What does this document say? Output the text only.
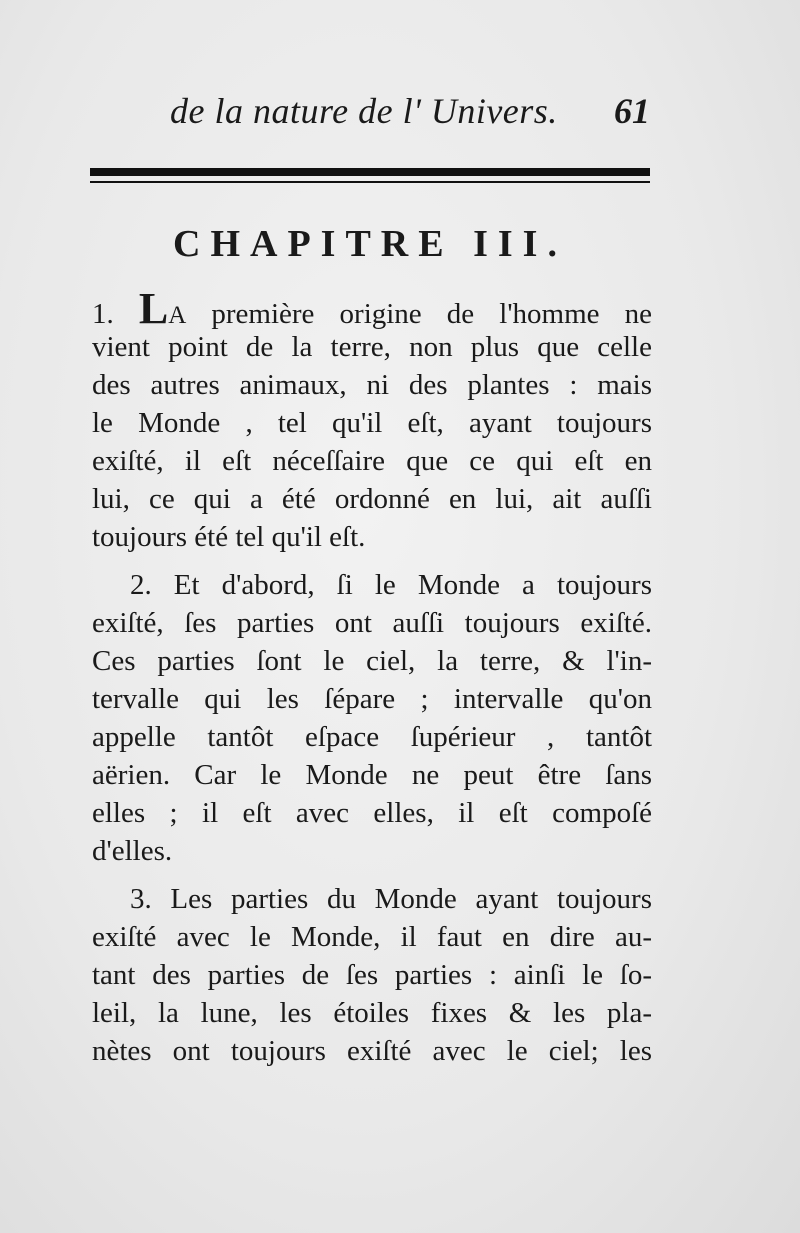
de la nature de l' Univers. 61
CHAPITRE III.
1. LA première origine de l'homme ne
vient point de la terre, non plus que celle
des autres animaux, ni des plantes : mais
le Monde , tel qu'il eſt, ayant toujours
exiſté, il eſt néceſſaire que ce qui eſt en
lui, ce qui a été ordonné en lui, ait auſſi
toujours été tel qu'il eſt.
2. Et d'abord, ſi le Monde a toujours
exiſté, ſes parties ont auſſi toujours exiſté.
Ces parties ſont le ciel, la terre, & l'in-
tervalle qui les ſépare ; intervalle qu'on
appelle tantôt eſpace ſupérieur , tantôt
aërien. Car le Monde ne peut être ſans
elles ; il eſt avec elles, il eſt compoſé
d'elles.
3. Les parties du Monde ayant toujours
exiſté avec le Monde, il faut en dire au-
tant des parties de ſes parties : ainſi le ſo-
leil, la lune, les étoiles fixes & les pla-
nètes ont toujours exiſté avec le ciel; les
